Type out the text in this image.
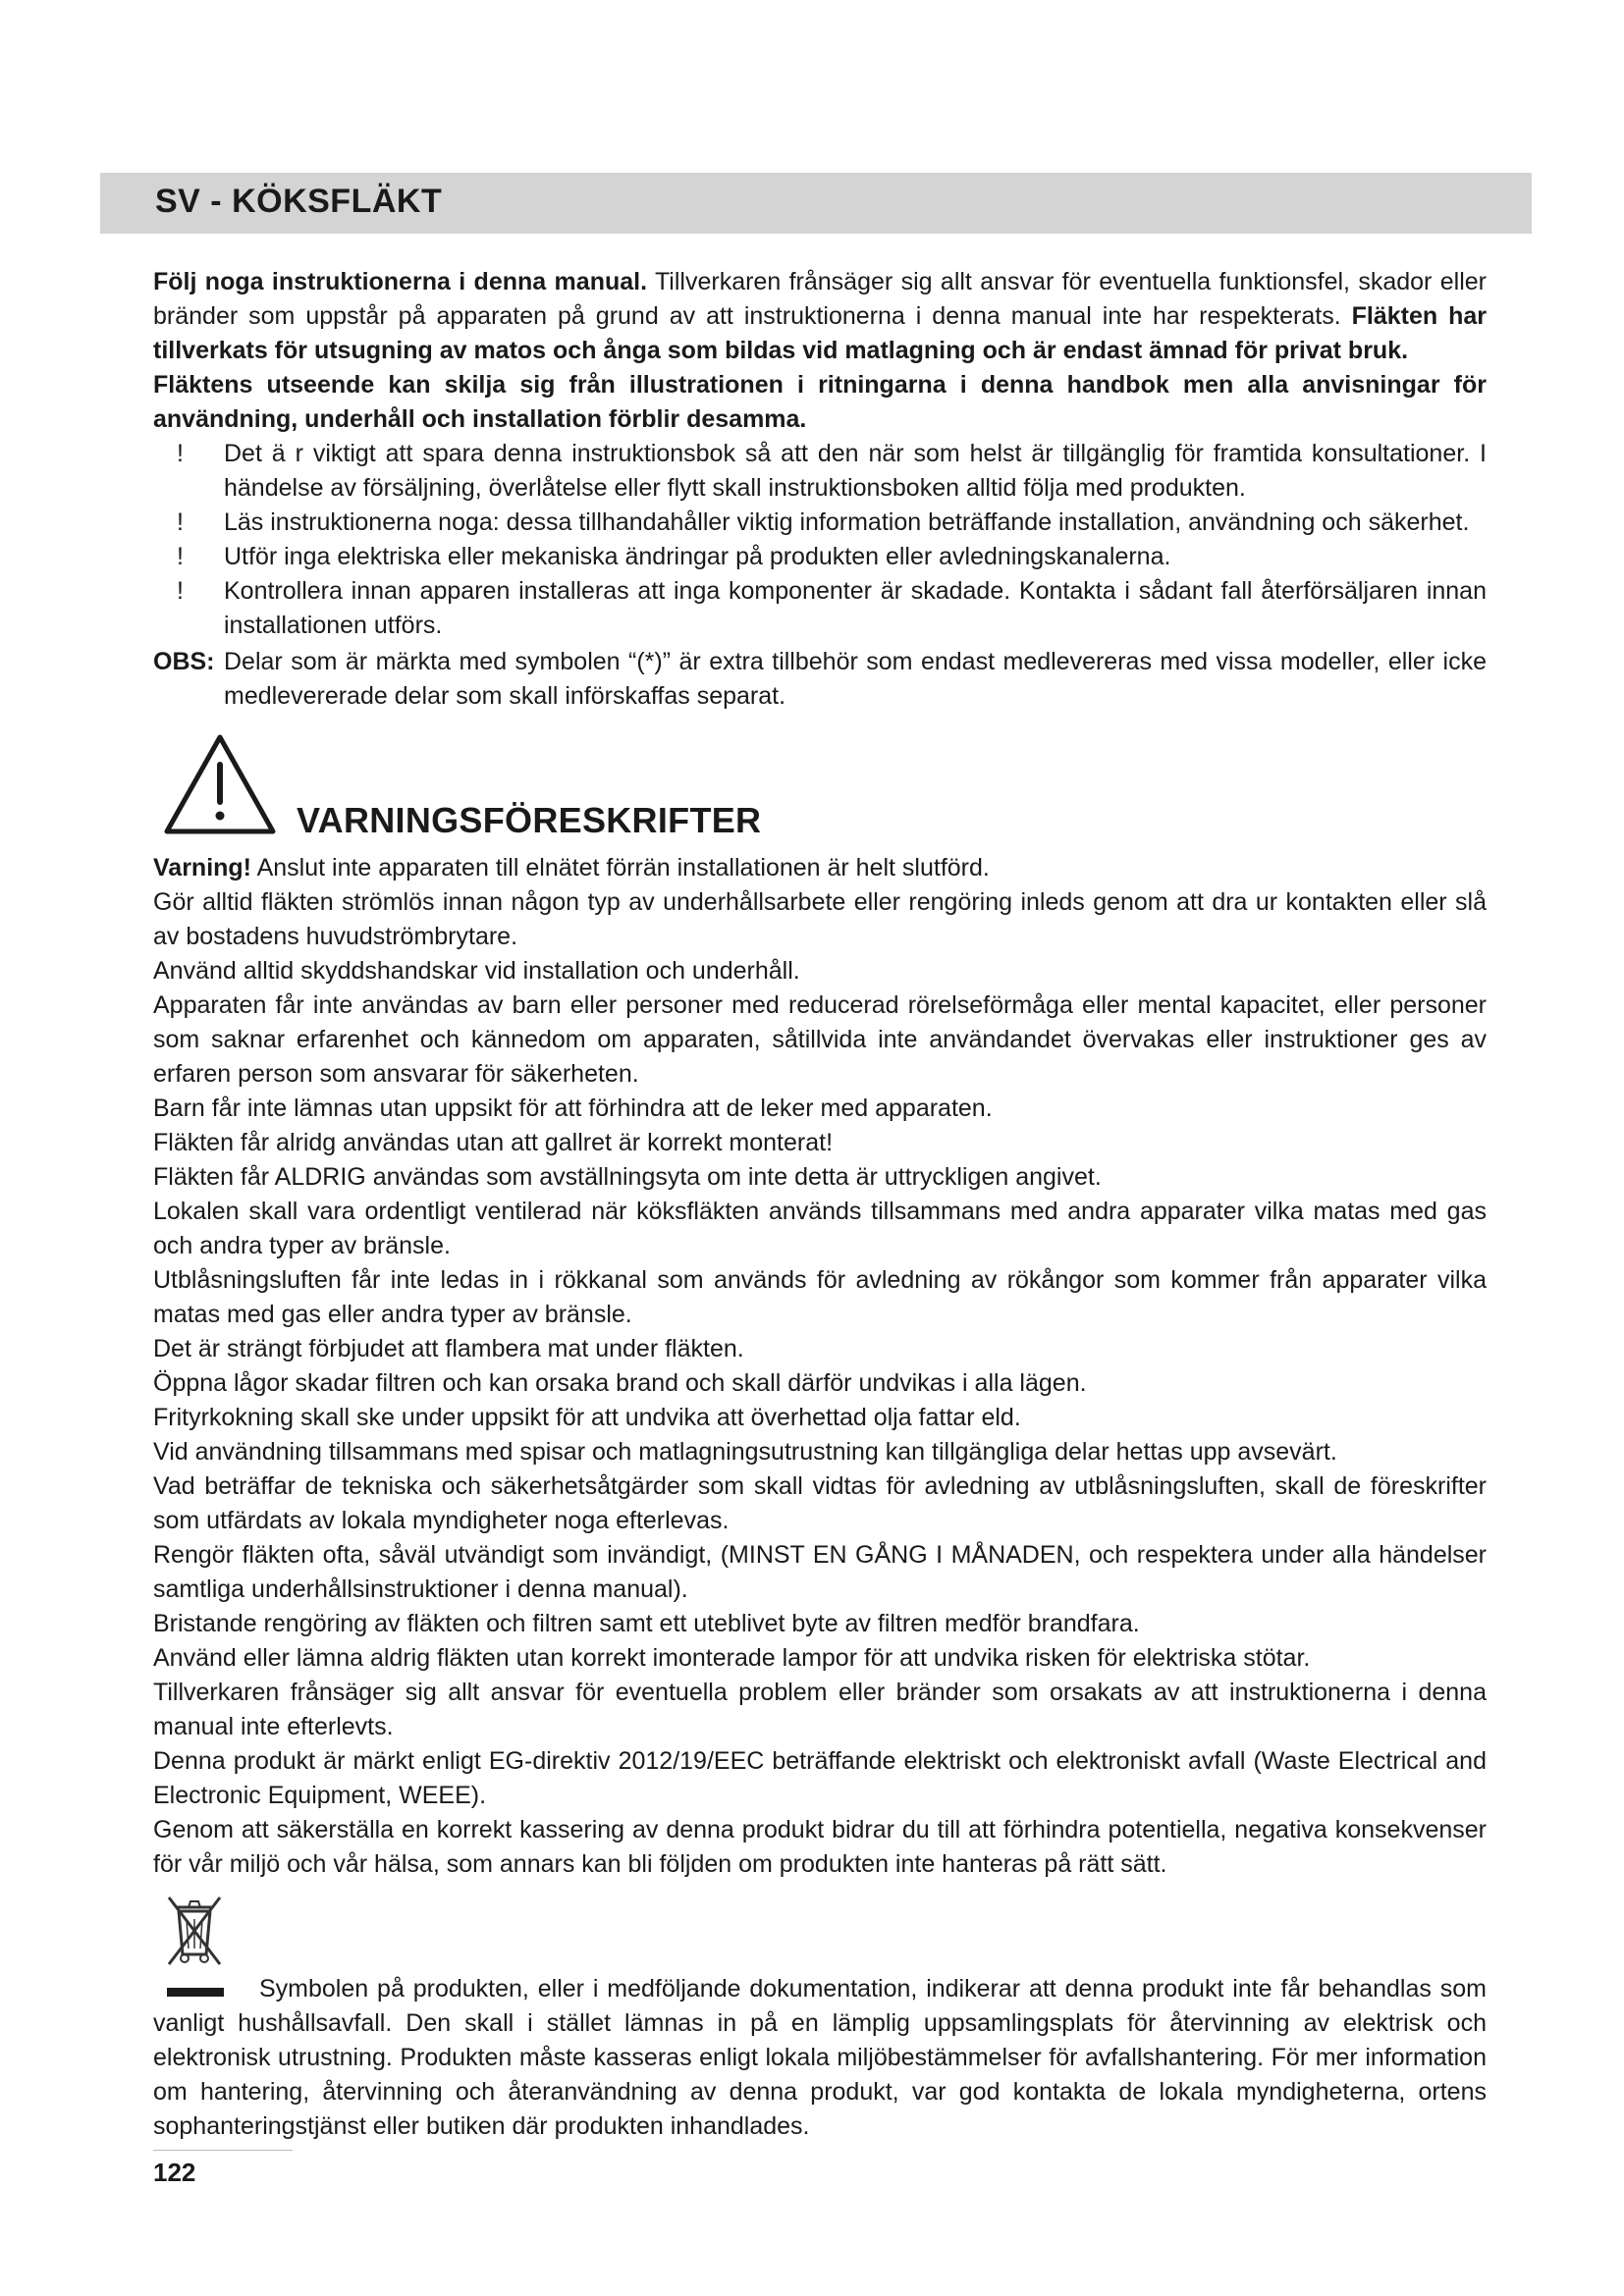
SV - KÖKSFLÄKT

Följ noga instruktionerna i denna manual. Tillverkaren frånsäger sig allt ansvar för eventuella funktionsfel, skador eller bränder som uppstår på apparaten på grund av att instruktionerna i denna manual inte har respekterats. Fläkten har tillverkats för utsugning av matos och ånga som bildas vid matlagning och är endast ämnad för privat bruk.

Fläktens utseende kan skilja sig från illustrationen i ritningarna i denna handbok men alla anvisningar för användning, underhåll och installation förblir desamma.

! Det ä r viktigt att spara denna instruktionsbok så att den när som helst är tillgänglig för framtida konsultationer. I händelse av försäljning, överlåtelse eller flytt skall instruktionsboken alltid följa med produkten.
! Läs instruktionerna noga: dessa tillhandahåller viktig information beträffande installation, användning och säkerhet.
! Utför inga elektriska eller mekaniska ändringar på produkten eller avledningskanalerna.
! Kontrollera innan apparen installeras att inga komponenter är skadade. Kontakta i sådant fall återförsäljaren innan installationen utförs.

OBS: Delar som är märkta med symbolen “(*)” är extra tillbehör som endast medlevereras med vissa modeller, eller icke medlevererade delar som skall införskaffas separat.

VARNINGSFÖRESKRIFTER

Varning! Anslut inte apparaten till elnätet förrän installationen är helt slutförd.

Gör alltid fläkten strömlös innan någon typ av underhållsarbete eller rengöring inleds genom att dra ur kontakten eller slå av bostadens huvudströmbrytare.

Använd alltid skyddshandskar vid installation och underhåll.

Apparaten får inte användas av barn eller personer med reducerad rörelseförmåga eller mental kapacitet, eller personer som saknar erfarenhet och kännedom om apparaten, såtillvida inte användandet övervakas eller instruktioner ges av erfaren person som ansvarar för säkerheten.

Barn får inte lämnas utan uppsikt för att förhindra att de leker med apparaten.

Fläkten får alridg användas utan att gallret är korrekt monterat!

Fläkten får ALDRIG användas som avställningsyta om inte detta är uttryckligen angivet.

Lokalen skall vara ordentligt ventilerad när köksfläkten används tillsammans med andra apparater vilka matas med gas och andra typer av bränsle.

Utblåsningsluften får inte ledas in i rökkanal som används för avledning av rökångor som kommer från apparater vilka matas med gas eller andra typer av bränsle.

Det är strängt förbjudet att flambera mat under fläkten.

Öppna lågor skadar filtren och kan orsaka brand och skall därför undvikas i alla lägen.

Frityrkokning skall ske under uppsikt för att undvika att överhettad olja fattar eld.

Vid användning tillsammans med spisar och matlagningsutrustning kan tillgängliga delar hettas upp avsevärt.

Vad beträffar de tekniska och säkerhetsåtgärder som skall vidtas för avledning av utblåsningsluften, skall de föreskrifter som utfärdats av lokala myndigheter noga efterlevas.

Rengör fläkten ofta, såväl utvändigt som invändigt, (MINST EN GÅNG I MÅNADEN, och respektera under alla händelser samtliga underhållsinstruktioner i denna manual).

Bristande rengöring av fläkten och filtren samt ett uteblivet byte av filtren medför brandfara.

Använd eller lämna aldrig fläkten utan korrekt imonterade lampor för att undvika risken för elektriska stötar.

Tillverkaren frånsäger sig allt ansvar för eventuella problem eller bränder som orsakats av att instruktionerna i denna manual inte efterlevts.

Denna produkt är märkt enligt EG-direktiv 2012/19/EEC beträffande elektriskt och elektroniskt avfall (Waste Electrical and Electronic Equipment, WEEE).

Genom att säkerställa en korrekt kassering av denna produkt bidrar du till att förhindra potentiella, negativa konsekvenser för vår miljö och vår hälsa, som annars kan bli följden om produkten inte hanteras på rätt sätt.

Symbolen på produkten, eller i medföljande dokumentation, indikerar att denna produkt inte får behandlas som vanligt hushållsavfall. Den skall i stället lämnas in på en lämplig uppsamlingsplats för återvinning av elektrisk och elektronisk utrustning. Produkten måste kasseras enligt lokala miljöbestämmelser för avfallshantering. För mer information om hantering, återvinning och återanvändning av denna produkt, var god kontakta de lokala myndigheterna, ortens sophanteringstjänst eller butiken där produkten inhandlades.

122
